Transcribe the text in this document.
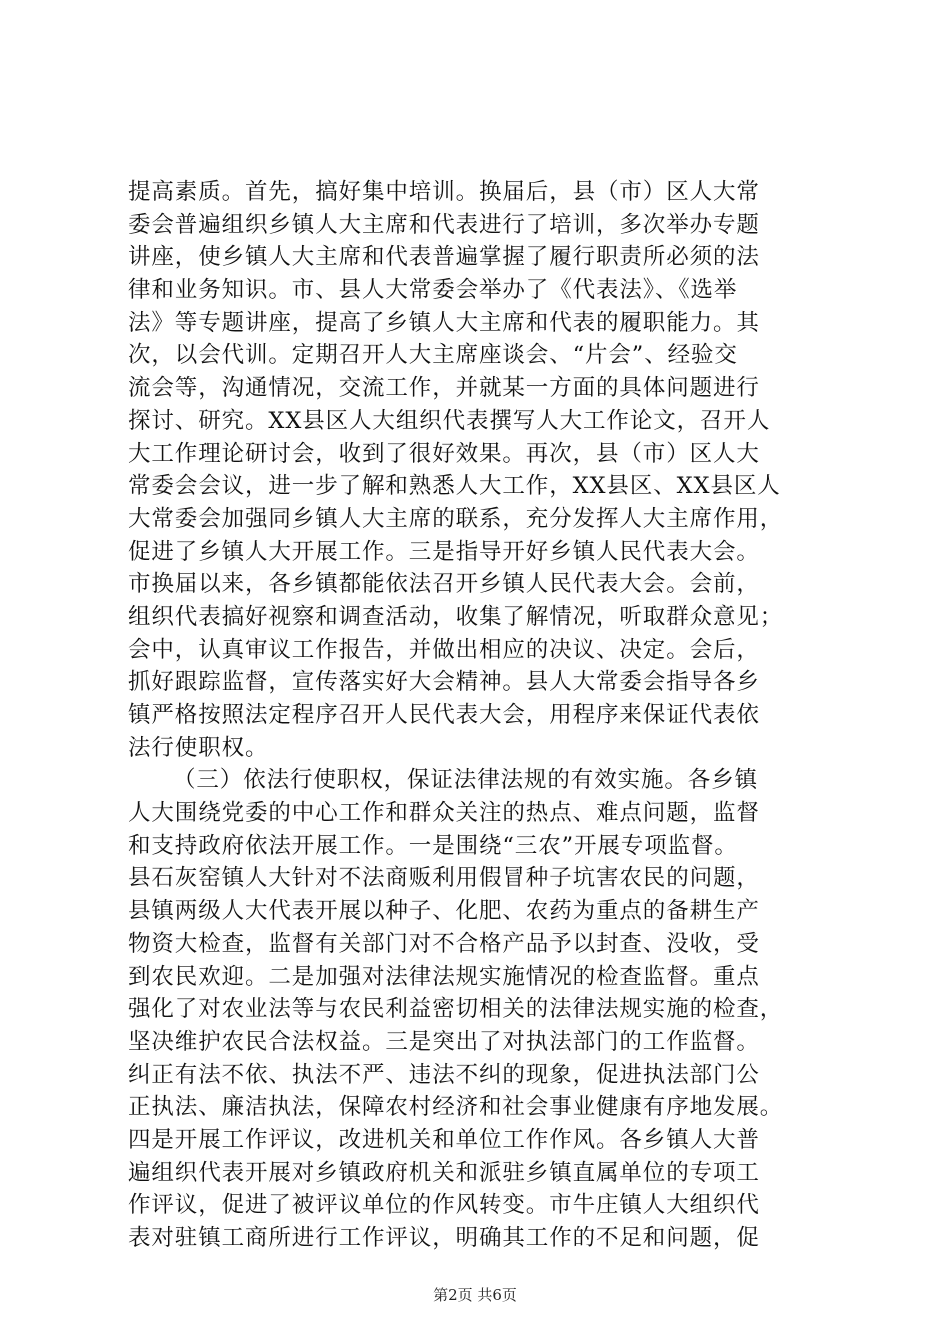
提高素质。首先，搞好集中培训。换届后，县（市）区人大常
委会普遍组织乡镇人大主席和代表进行了培训，多次举办专题
讲座，使乡镇人大主席和代表普遍掌握了履行职责所必须的法
律和业务知识。市、县人大常委会举办了《代表法》、《选举
法》等专题讲座，提高了乡镇人大主席和代表的履职能力。其
次，以会代训。定期召开人大主席座谈会、“片会”、经验交
流会等，沟通情况，交流工作，并就某一方面的具体问题进行
探讨、研究。XX县区人大组织代表撰写人大工作论文，召开人
大工作理论研讨会，收到了很好效果。再次，县（市）区人大
常委会会议，进一步了解和熟悉人大工作，XX县区、XX县区人
大常委会加强同乡镇人大主席的联系，充分发挥人大主席作用，
促进了乡镇人大开展工作。三是指导开好乡镇人民代表大会。
市换届以来，各乡镇都能依法召开乡镇人民代表大会。会前，
组织代表搞好视察和调查活动，收集了解情况，听取群众意见；
会中，认真审议工作报告，并做出相应的决议、决定。会后，
抓好跟踪监督，宣传落实好大会精神。县人大常委会指导各乡
镇严格按照法定程序召开人民代表大会，用程序来保证代表依
法行使职权。
（三）依法行使职权，保证法律法规的有效实施。各乡镇
人大围绕党委的中心工作和群众关注的热点、难点问题，监督
和支持政府依法开展工作。一是围绕“三农”开展专项监督。
县石灰窑镇人大针对不法商贩利用假冒种子坑害农民的问题，
县镇两级人大代表开展以种子、化肥、农药为重点的备耕生产
物资大检查，监督有关部门对不合格产品予以封查、没收，受
到农民欢迎。二是加强对法律法规实施情况的检查监督。重点
强化了对农业法等与农民利益密切相关的法律法规实施的检查，
坚决维护农民合法权益。三是突出了对执法部门的工作监督。
纠正有法不依、执法不严、违法不纠的现象，促进执法部门公
正执法、廉洁执法，保障农村经济和社会事业健康有序地发展。
四是开展工作评议，改进机关和单位工作作风。各乡镇人大普
遍组织代表开展对乡镇政府机关和派驻乡镇直属单位的专项工
作评议，促进了被评议单位的作风转变。市牛庄镇人大组织代
表对驻镇工商所进行工作评议，明确其工作的不足和问题，促
第2页 共6页
